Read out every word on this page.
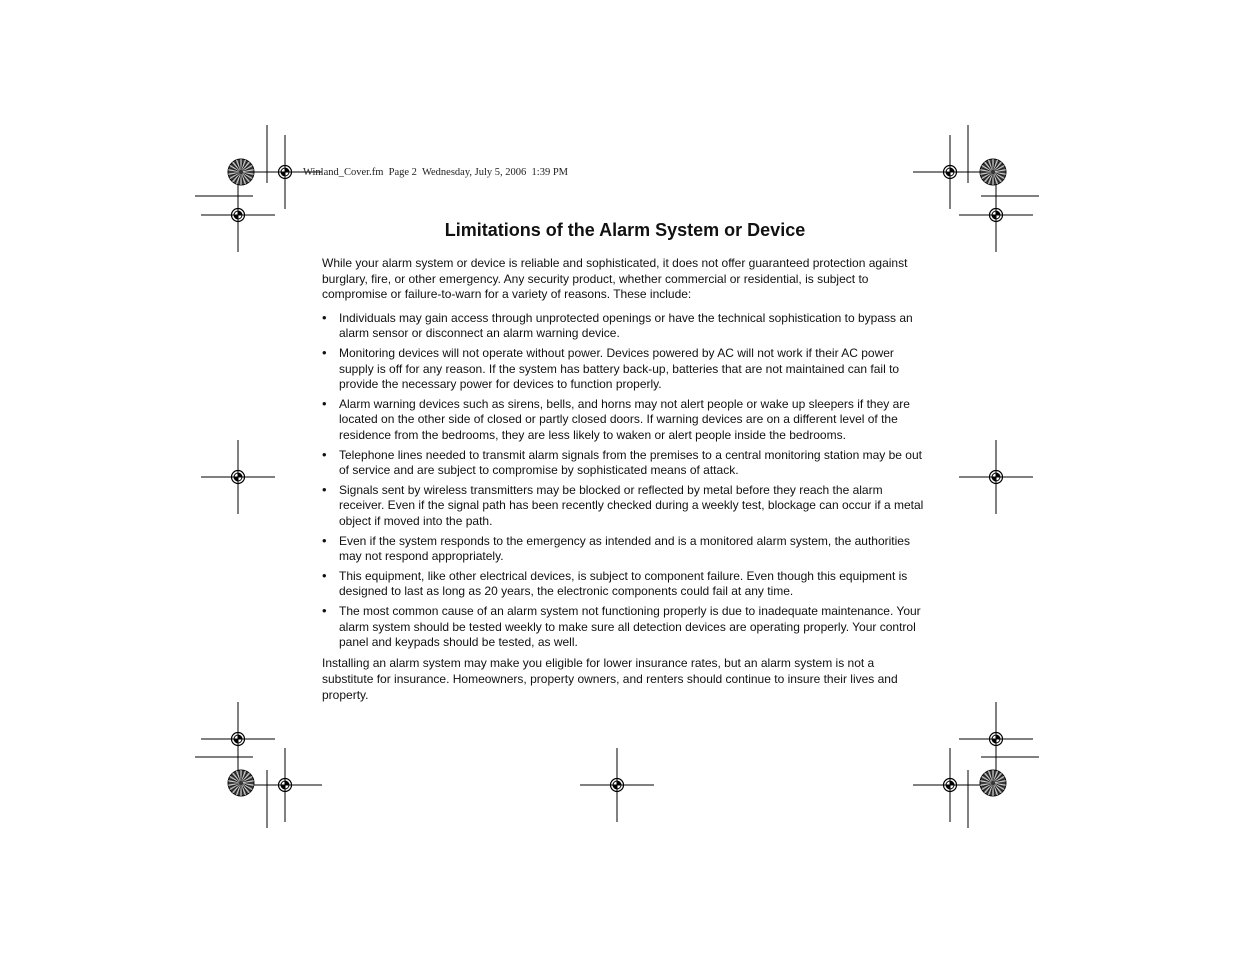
Winland_Cover.fm  Page 2  Wednesday, July 5, 2006  1:39 PM
Limitations of the Alarm System or Device

While your alarm system or device is reliable and sophisticated, it does not offer guaranteed protection against burglary, fire, or other emergency. Any security product, whether commercial or residential, is subject to compromise or failure-to-warn for a variety of reasons. These include:

• Individuals may gain access through unprotected openings or have the technical sophistication to bypass an alarm sensor or disconnect an alarm warning device.
• Monitoring devices will not operate without power. Devices powered by AC will not work if their AC power supply is off for any reason. If the system has battery back-up, batteries that are not maintained can fail to provide the necessary power for devices to function properly.
• Alarm warning devices such as sirens, bells, and horns may not alert people or wake up sleepers if they are located on the other side of closed or partly closed doors. If warning devices are on a different level of the residence from the bedrooms, they are less likely to waken or alert people inside the bedrooms.
• Telephone lines needed to transmit alarm signals from the premises to a central monitoring station may be out of service and are subject to compromise by sophisticated means of attack.
• Signals sent by wireless transmitters may be blocked or reflected by metal before they reach the alarm receiver. Even if the signal path has been recently checked during a weekly test, blockage can occur if a metal object if moved into the path.
• Even if the system responds to the emergency as intended and is a monitored alarm system, the authorities may not respond appropriately.
• This equipment, like other electrical devices, is subject to component failure. Even though this equipment is designed to last as long as 20 years, the electronic components could fail at any time.
• The most common cause of an alarm system not functioning properly is due to inadequate maintenance. Your alarm system should be tested weekly to make sure all detection devices are operating properly. Your control panel and keypads should be tested, as well.

Installing an alarm system may make you eligible for lower insurance rates, but an alarm system is not a substitute for insurance. Homeowners, property owners, and renters should continue to insure their lives and property.
